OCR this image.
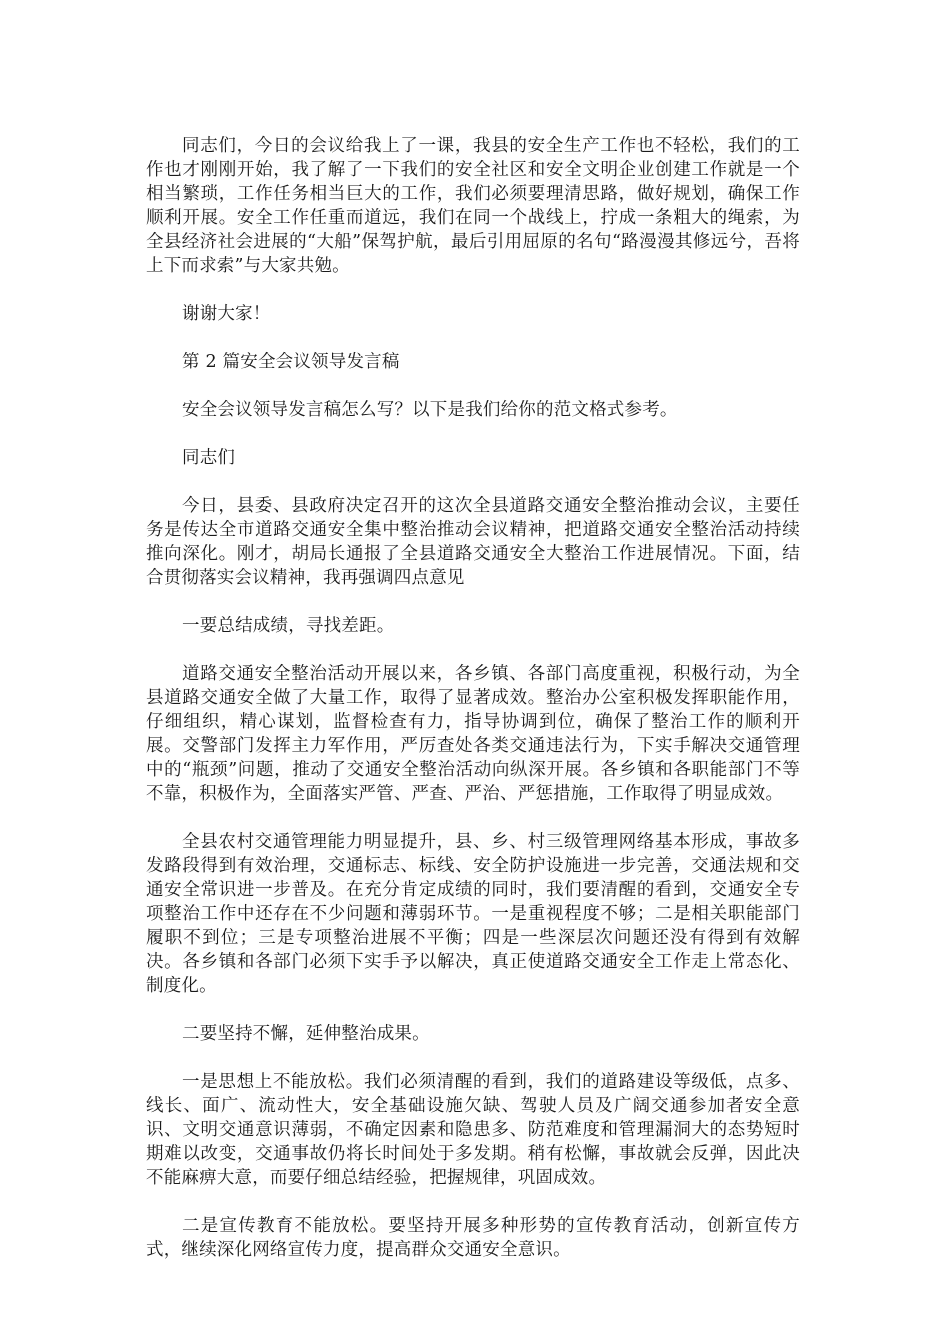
同志们，今日的会议给我上了一课，我县的安全生产工作也不轻松，我们的工作也才刚刚开始，我了解了一下我们的安全社区和安全文明企业创建工作就是一个相当繁琐，工作任务相当巨大的工作，我们必须要理清思路，做好规划，确保工作顺利开展。安全工作任重而道远，我们在同一个战线上，拧成一条粗大的绳索，为全县经济社会进展的“大船”保驾护航，最后引用屈原的名句“路漫漫其修远兮，吾将上下而求索”与大家共勉。

谢谢大家！

第 2 篇安全会议领导发言稿

安全会议领导发言稿怎么写？以下是我们给你的范文格式参考。

同志们

今日，县委、县政府决定召开的这次全县道路交通安全整治推动会议，主要任务是传达全市道路交通安全集中整治推动会议精神，把道路交通安全整治活动持续推向深化。刚才，胡局长通报了全县道路交通安全大整治工作进展情况。下面，结合贯彻落实会议精神，我再强调四点意见

一要总结成绩，寻找差距。

道路交通安全整治活动开展以来，各乡镇、各部门高度重视，积极行动，为全县道路交通安全做了大量工作，取得了显著成效。整治办公室积极发挥职能作用，仔细组织，精心谋划，监督检查有力，指导协调到位，确保了整治工作的顺利开展。交警部门发挥主力军作用，严厉查处各类交通违法行为，下实手解决交通管理中的“瓶颈”问题，推动了交通安全整治活动向纵深开展。各乡镇和各职能部门不等不靠，积极作为，全面落实严管、严查、严治、严惩措施，工作取得了明显成效。

全县农村交通管理能力明显提升，县、乡、村三级管理网络基本形成，事故多发路段得到有效治理，交通标志、标线、安全防护设施进一步完善，交通法规和交通安全常识进一步普及。在充分肯定成绩的同时，我们要清醒的看到，交通安全专项整治工作中还存在不少问题和薄弱环节。一是重视程度不够；二是相关职能部门履职不到位；三是专项整治进展不平衡；四是一些深层次问题还没有得到有效解决。各乡镇和各部门必须下实手予以解决，真正使道路交通安全工作走上常态化、制度化。

二要坚持不懈，延伸整治成果。

一是思想上不能放松。我们必须清醒的看到，我们的道路建设等级低，点多、线长、面广、流动性大，安全基础设施欠缺、驾驶人员及广阔交通参加者安全意识、文明交通意识薄弱，不确定因素和隐患多、防范难度和管理漏洞大的态势短时期难以改变，交通事故仍将长时间处于多发期。稍有松懈，事故就会反弹，因此决不能麻痹大意，而要仔细总结经验，把握规律，巩固成效。

二是宣传教育不能放松。要坚持开展多种形势的宣传教育活动，创新宣传方式，继续深化网络宣传力度，提高群众交通安全意识。
